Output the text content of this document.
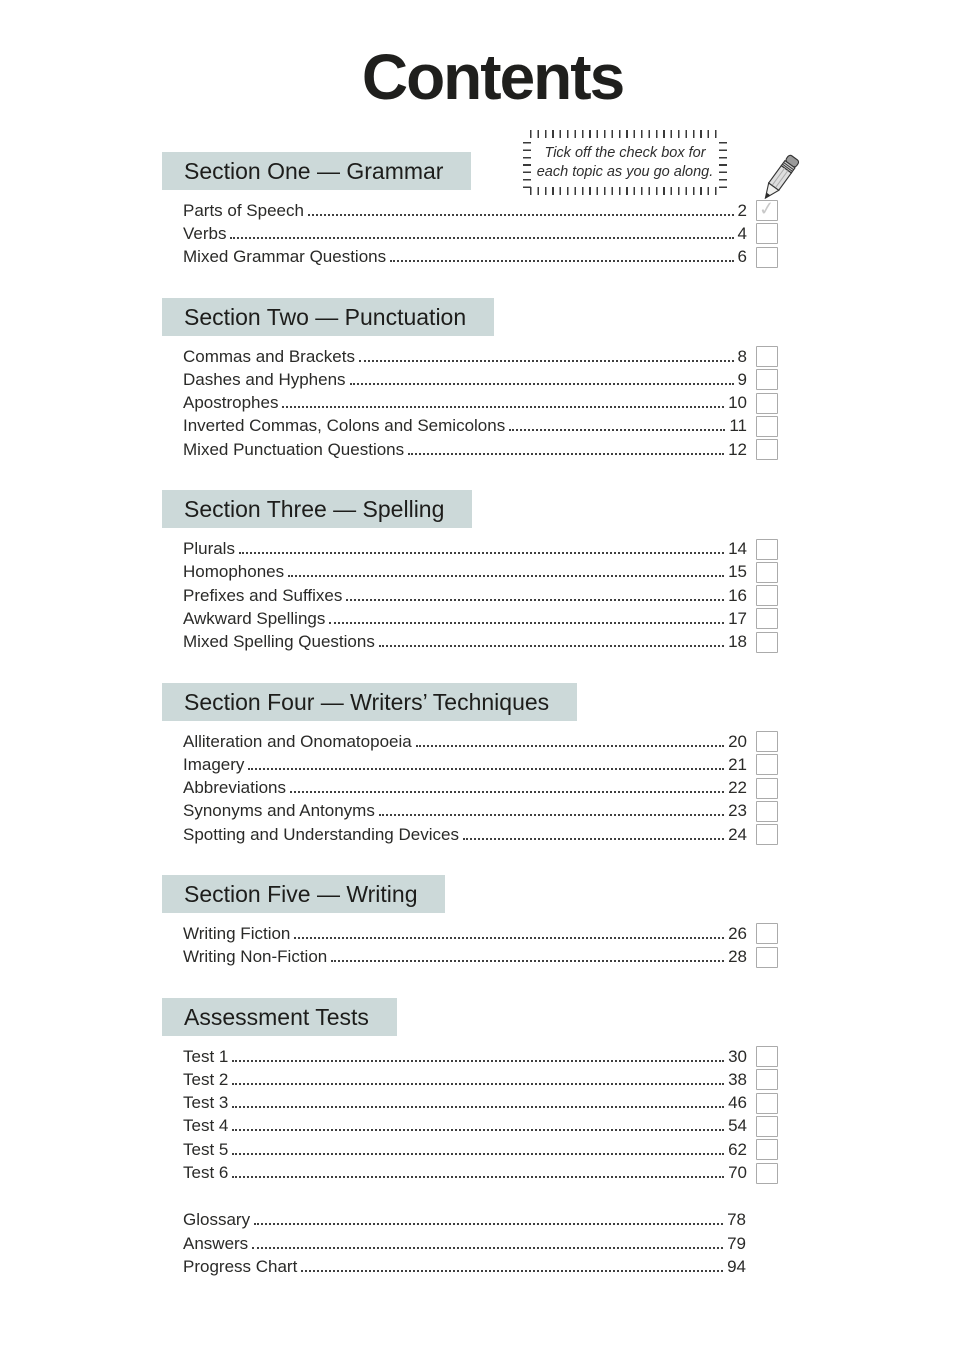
Contents
Tick off the check box for
each topic as you go along.
Section One — Grammar
Parts of Speech	2 ✓
Verbs	4
Mixed Grammar Questions	6
Section Two — Punctuation
Commas and Brackets	8
Dashes and Hyphens	9
Apostrophes	10
Inverted Commas, Colons and Semicolons	11
Mixed Punctuation Questions	12
Section Three — Spelling
Plurals	14
Homophones	15
Prefixes and Suffixes	16
Awkward Spellings	17
Mixed Spelling Questions	18
Section Four — Writers’ Techniques
Alliteration and Onomatopoeia	20
Imagery	21
Abbreviations	22
Synonyms and Antonyms	23
Spotting and Understanding Devices	24
Section Five — Writing
Writing Fiction	26
Writing Non-Fiction	28
Assessment Tests
Test 1	30
Test 2	38
Test 3	46
Test 4	54
Test 5	62
Test 6	70
Glossary	78
Answers	79
Progress Chart	94
